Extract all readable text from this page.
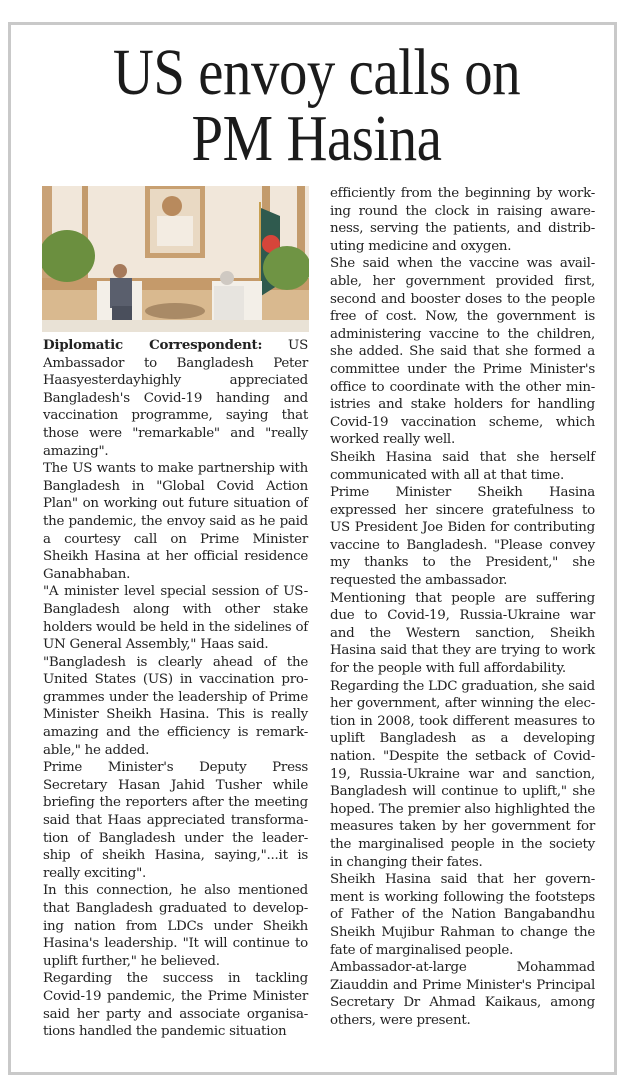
US envoy calls on
PM Hasina

Diplomatic Correspondent: US Ambassador to Bangladesh Peter Haasyesterdayhighly appreciated Bangladesh's Covid-19 handing and vaccination programme, saying that those were "remarkable" and "really amazing".

The US wants to make partnership with Bangladesh in "Global Covid Action Plan" on working out future situation of the pandemic, the envoy said as he paid a courtesy call on Prime Minister Sheikh Hasina at her official residence Ganabhaban.

"A minister level special session of US-Bangladesh along with other stake holders would be held in the sidelines of UN General Assembly," Haas said.

"Bangladesh is clearly ahead of the United States (US) in vaccination pro-grammes under the leadership of Prime Minister Sheikh Hasina. This is really amazing and the efficiency is remark-able," he added.

Prime Minister's Deputy Press Secretary Hasan Jahid Tusher while briefing the reporters after the meeting said that Haas appreciated transforma-tion of Bangladesh under the leader-ship of sheikh Hasina, saying,"...it is really exciting".

In this connection, he also mentioned that Bangladesh graduated to develop-ing nation from LDCs under Sheikh Hasina's leadership. "It will continue to uplift further," he believed.

Regarding the success in tackling Covid-19 pandemic, the Prime Minister said her party and associate organisa-tions handled the pandemic situation

efficiently from the beginning by work-ing round the clock in raising aware-ness, serving the patients, and distrib-uting medicine and oxygen.

She said when the vaccine was avail-able, her government provided first, second and booster doses to the people free of cost. Now, the government is administering vaccine to the children, she added. She said that she formed a committee under the Prime Minister's office to coordinate with the other min-istries and stake holders for handling Covid-19 vaccination scheme, which worked really well.

Sheikh Hasina said that she herself communicated with all at that time.

Prime Minister Sheikh Hasina expressed her sincere gratefulness to US President Joe Biden for contributing vaccine to Bangladesh. "Please convey my thanks to the President," she requested the ambassador.

Mentioning that people are suffering due to Covid-19, Russia-Ukraine war and the Western sanction, Sheikh Hasina said that they are trying to work for the people with full affordability.

Regarding the LDC graduation, she said her government, after winning the elec-tion in 2008, took different measures to uplift Bangladesh as a developing nation. "Despite the setback of Covid-19, Russia-Ukraine war and sanction, Bangladesh will continue to uplift," she hoped. The premier also highlighted the measures taken by her government for the marginalised people in the society in changing their fates.

Sheikh Hasina said that her govern-ment is working following the footsteps of Father of the Nation Bangabandhu Sheikh Mujibur Rahman to change the fate of marginalised people.

Ambassador-at-large Mohammad Ziauddin and Prime Minister's Principal Secretary Dr Ahmad Kaikaus, among others, were present.
